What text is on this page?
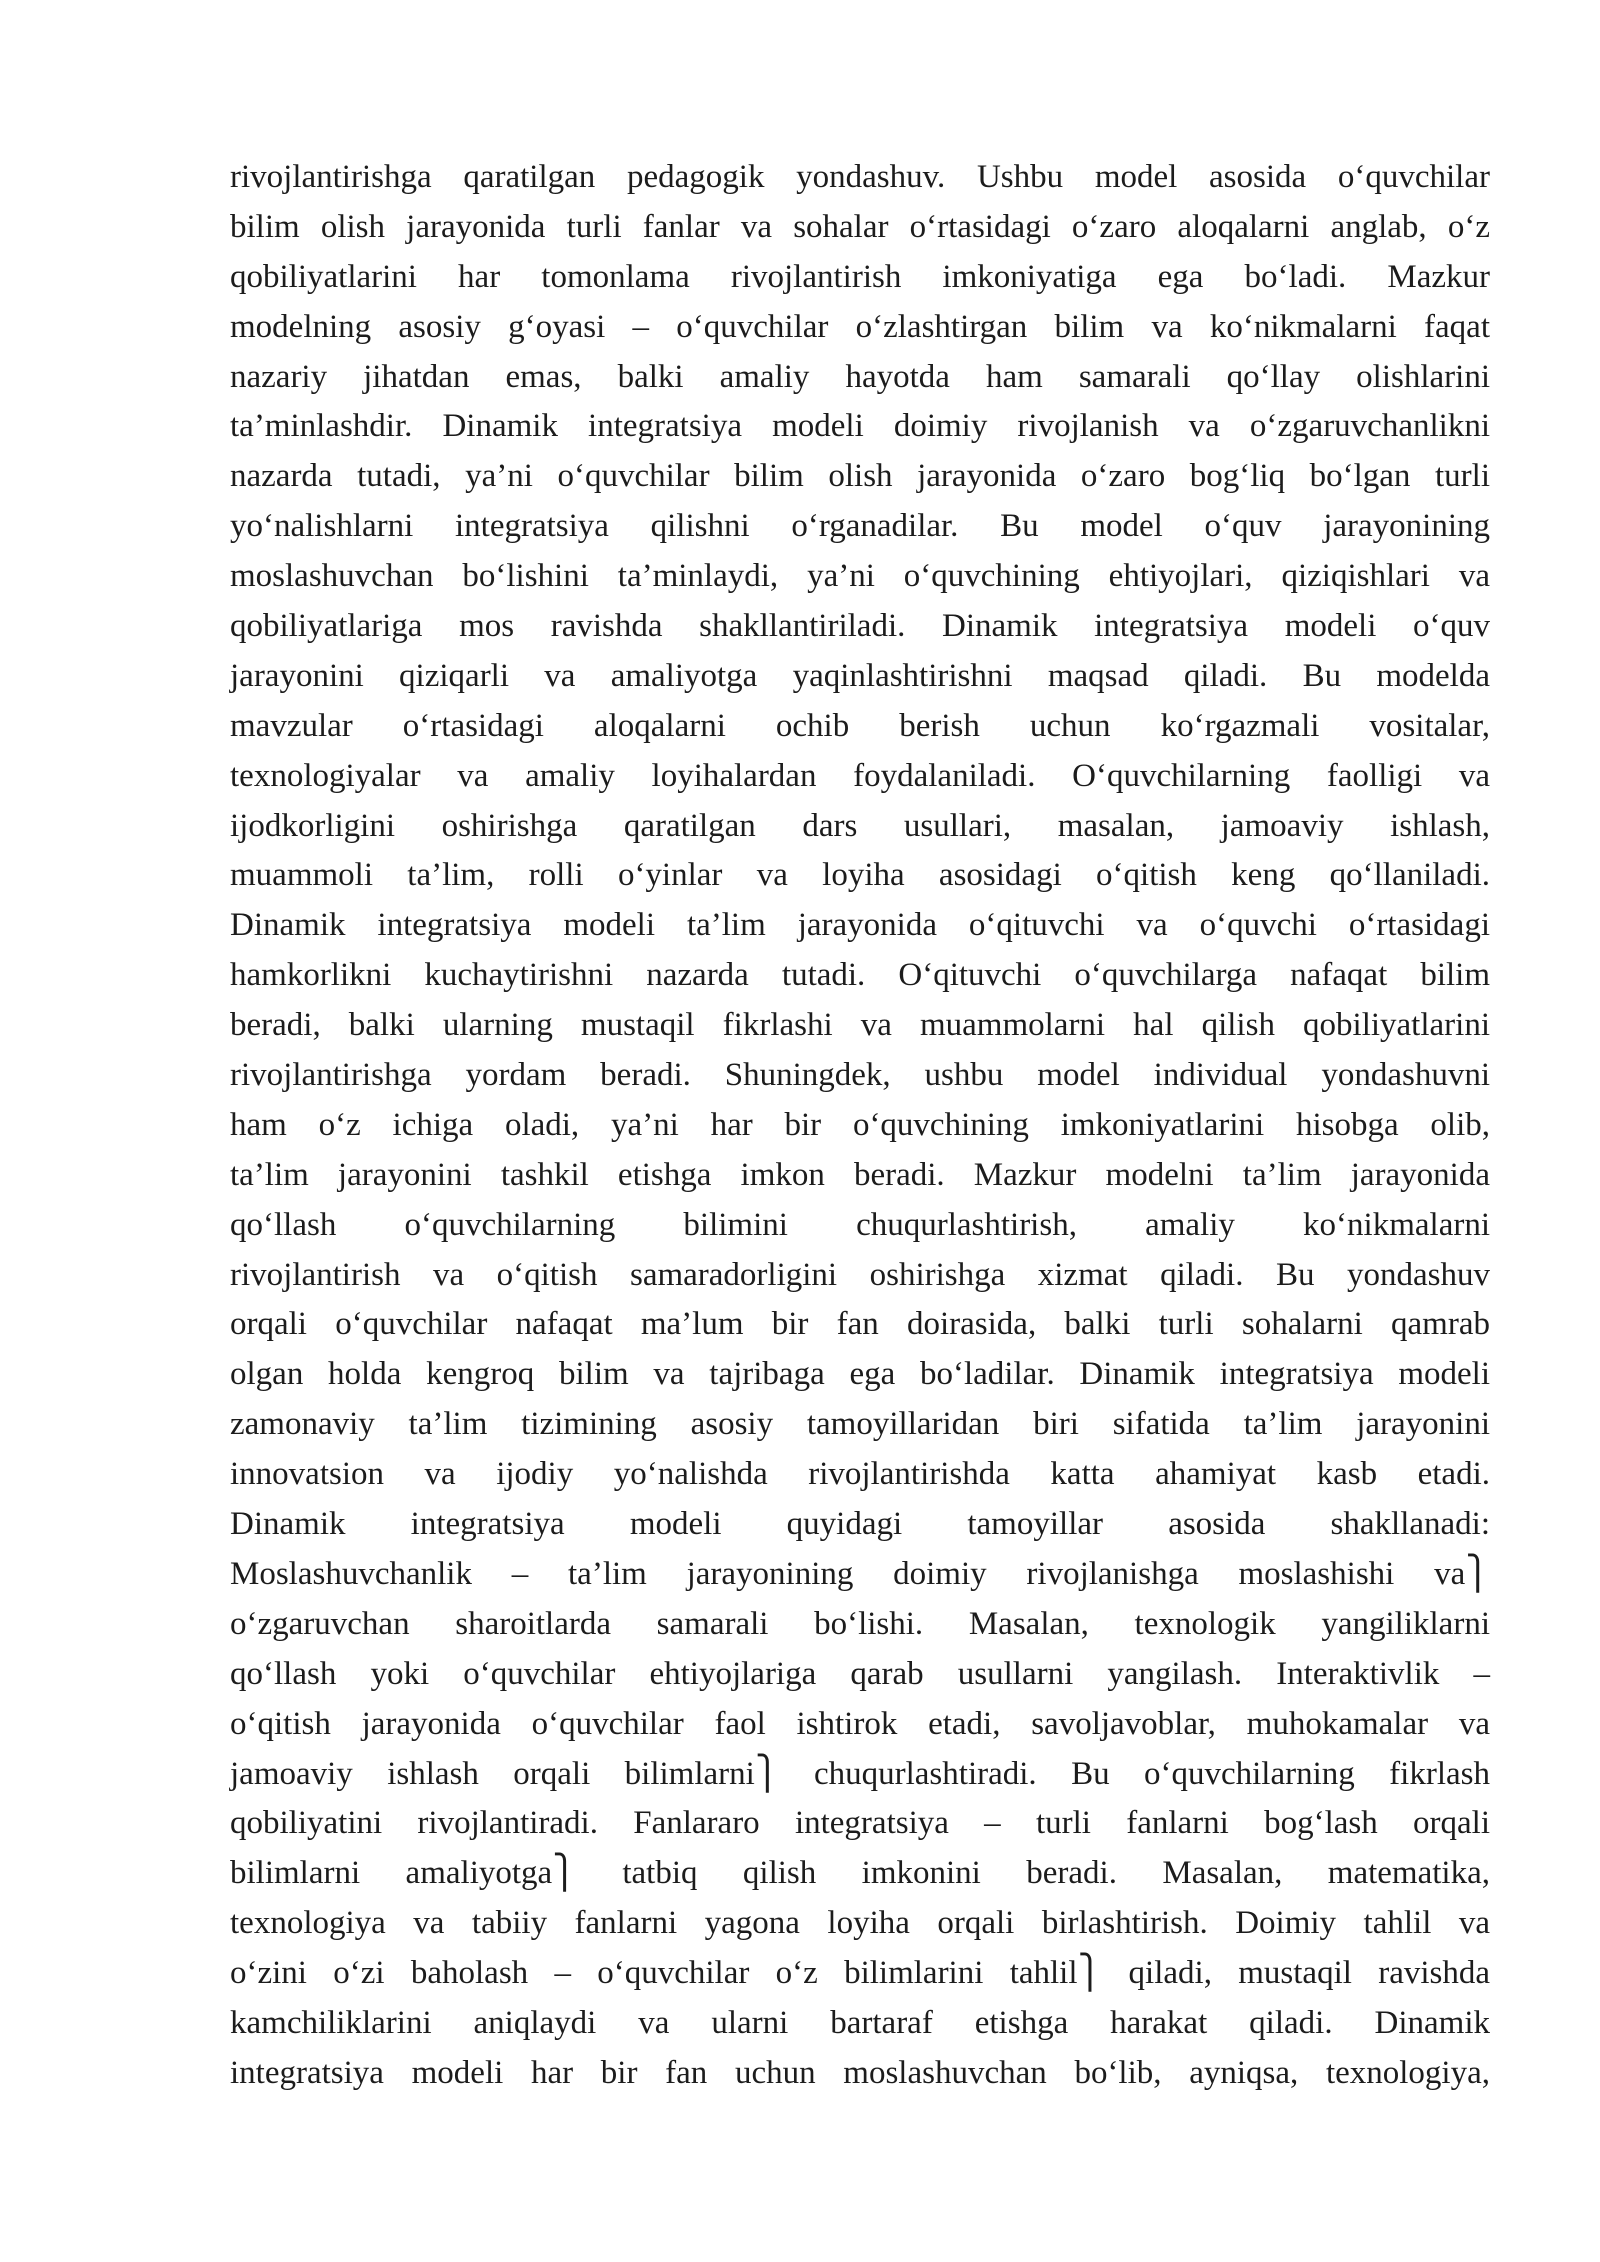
rivojlantirishga qaratilgan pedagogik yondashuv. Ushbu model asosida o‘quvchilar
bilim olish jarayonida turli fanlar va sohalar o‘rtasidagi o‘zaro aloqalarni anglab, o‘z
qobiliyatlarini har tomonlama rivojlantirish imkoniyatiga ega bo‘ladi. Mazkur
modelning asosiy g‘oyasi – o‘quvchilar o‘zlashtirgan bilim va ko‘nikmalarni faqat
nazariy jihatdan emas, balki amaliy hayotda ham samarali qo‘llay olishlarini
ta’minlashdir. Dinamik integratsiya modeli doimiy rivojlanish va o‘zgaruvchanlikni
nazarda tutadi, ya’ni o‘quvchilar bilim olish jarayonida o‘zaro bog‘liq bo‘lgan turli
yo‘nalishlarni integratsiya qilishni o‘rganadilar. Bu model o‘quv jarayonining
moslashuvchan bo‘lishini ta’minlaydi, ya’ni o‘quvchining ehtiyojlari, qiziqishlari va
qobiliyatlariga mos ravishda shakllantiriladi. Dinamik integratsiya modeli o‘quv
jarayonini qiziqarli va amaliyotga yaqinlashtirishni maqsad qiladi. Bu modelda
mavzular o‘rtasidagi aloqalarni ochib berish uchun ko‘rgazmali vositalar,
texnologiyalar va amaliy loyihalardan foydalaniladi. O‘quvchilarning faolligi va
ijodkorligini oshirishga qaratilgan dars usullari, masalan, jamoaviy ishlash,
muammoli ta’lim, rolli o‘yinlar va loyiha asosidagi o‘qitish keng qo‘llaniladi.
Dinamik integratsiya modeli ta’lim jarayonida o‘qituvchi va o‘quvchi o‘rtasidagi
hamkorlikni kuchaytirishni nazarda tutadi. O‘qituvchi o‘quvchilarga nafaqat bilim
beradi, balki ularning mustaqil fikrlashi va muammolarni hal qilish qobiliyatlarini
rivojlantirishga yordam beradi. Shuningdek, ushbu model individual yondashuvni
ham o‘z ichiga oladi, ya’ni har bir o‘quvchining imkoniyatlarini hisobga olib,
ta’lim jarayonini tashkil etishga imkon beradi. Mazkur modelni ta’lim jarayonida
qo‘llash o‘quvchilarning bilimini chuqurlashtirish, amaliy ko‘nikmalarni
rivojlantirish va o‘qitish samaradorligini oshirishga xizmat qiladi. Bu yondashuv
orqali o‘quvchilar nafaqat ma’lum bir fan doirasida, balki turli sohalarni qamrab
olgan holda kengroq bilim va tajribaga ega bo‘ladilar. Dinamik integratsiya modeli
zamonaviy ta’lim tizimining asosiy tamoyillaridan biri sifatida ta’lim jarayonini
innovatsion va ijodiy yo‘nalishda rivojlantirishda katta ahamiyat kasb etadi.
Dinamik integratsiya modeli quyidagi tamoyillar asosida shakllanadi:
Moslashuvchanlik – ta’lim jarayonining doimiy rivojlanishga moslashishi va⎫
o‘zgaruvchan sharoitlarda samarali bo‘lishi. Masalan, texnologik yangiliklarni
qo‘llash yoki o‘quvchilar ehtiyojlariga qarab usullarni yangilash. Interaktivlik –
o‘qitish jarayonida o‘quvchilar faol ishtirok etadi, savoljavoblar, muhokamalar va
jamoaviy ishlash orqali bilimlarni⎫ chuqurlashtiradi. Bu o‘quvchilarning fikrlash
qobiliyatini rivojlantiradi. Fanlararo integratsiya – turli fanlarni bog‘lash orqali
bilimlarni amaliyotga⎫ tatbiq qilish imkonini beradi. Masalan, matematika,
texnologiya va tabiiy fanlarni yagona loyiha orqali birlashtirish. Doimiy tahlil va
o‘zini o‘zi baholash – o‘quvchilar o‘z bilimlarini tahlil⎫ qiladi, mustaqil ravishda
kamchiliklarini aniqlaydi va ularni bartaraf etishga harakat qiladi. Dinamik
integratsiya modeli har bir fan uchun moslashuvchan bo‘lib, ayniqsa, texnologiya,
